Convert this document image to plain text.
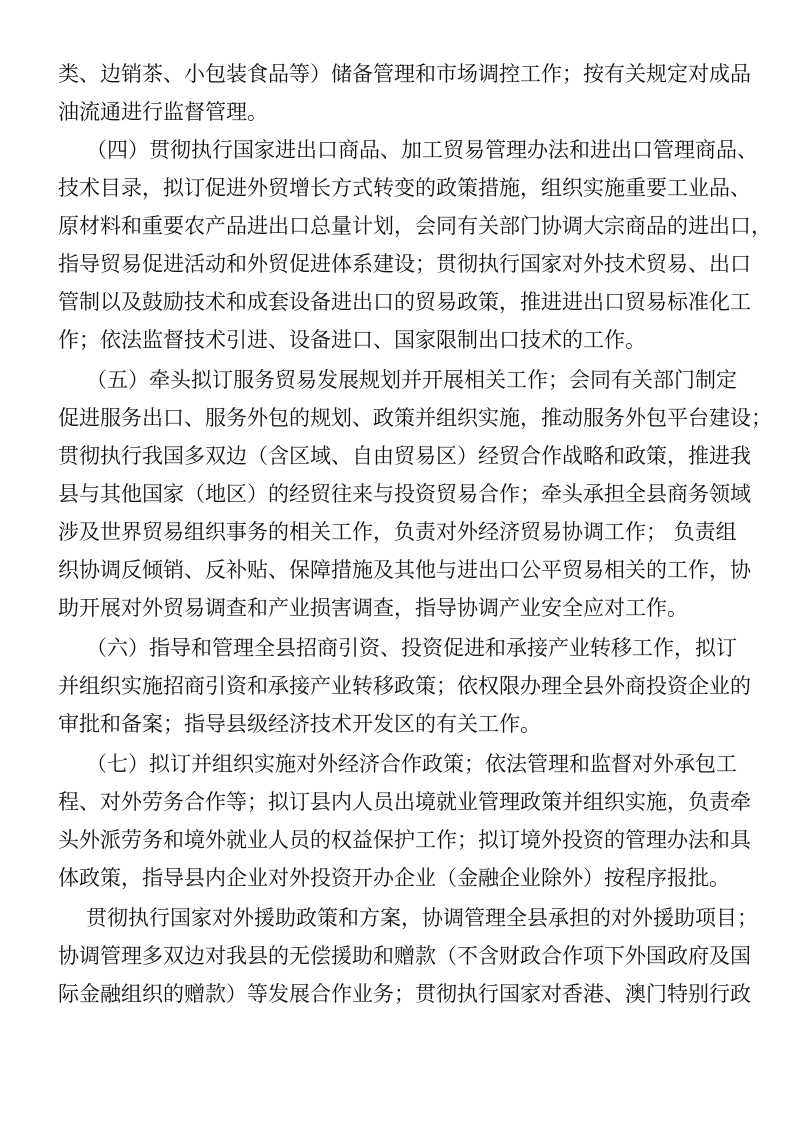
类、边销茶、小包装食品等）储备管理和市场调控工作；按有关规定对成品
油流通进行监督管理。
（四）贯彻执行国家进出口商品、加工贸易管理办法和进出口管理商品、
技术目录，拟订促进外贸增长方式转变的政策措施，组织实施重要工业品、
原材料和重要农产品进出口总量计划，会同有关部门协调大宗商品的进出口，
指导贸易促进活动和外贸促进体系建设；贯彻执行国家对外技术贸易、出口
管制以及鼓励技术和成套设备进出口的贸易政策，推进进出口贸易标准化工
作；依法监督技术引进、设备进口、国家限制出口技术的工作。
（五）牵头拟订服务贸易发展规划并开展相关工作；会同有关部门制定
促进服务出口、服务外包的规划、政策并组织实施，推动服务外包平台建设；
贯彻执行我国多双边（含区域、自由贸易区）经贸合作战略和政策，推进我
县与其他国家（地区）的经贸往来与投资贸易合作；牵头承担全县商务领域
涉及世界贸易组织事务的相关工作，负责对外经济贸易协调工作； 负责组
织协调反倾销、反补贴、保障措施及其他与进出口公平贸易相关的工作，协
助开展对外贸易调查和产业损害调查，指导协调产业安全应对工作。
（六）指导和管理全县招商引资、投资促进和承接产业转移工作，拟订
并组织实施招商引资和承接产业转移政策；依权限办理全县外商投资企业的
审批和备案；指导县级经济技术开发区的有关工作。
（七）拟订并组织实施对外经济合作政策；依法管理和监督对外承包工
程、对外劳务合作等；拟订县内人员出境就业管理政策并组织实施，负责牵
头外派劳务和境外就业人员的权益保护工作；拟订境外投资的管理办法和具
体政策，指导县内企业对外投资开办企业（金融企业除外）按程序报批。
贯彻执行国家对外援助政策和方案，协调管理全县承担的对外援助项目；
协调管理多双边对我县的无偿援助和赠款（不含财政合作项下外国政府及国
际金融组织的赠款）等发展合作业务；贯彻执行国家对香港、澳门特别行政
